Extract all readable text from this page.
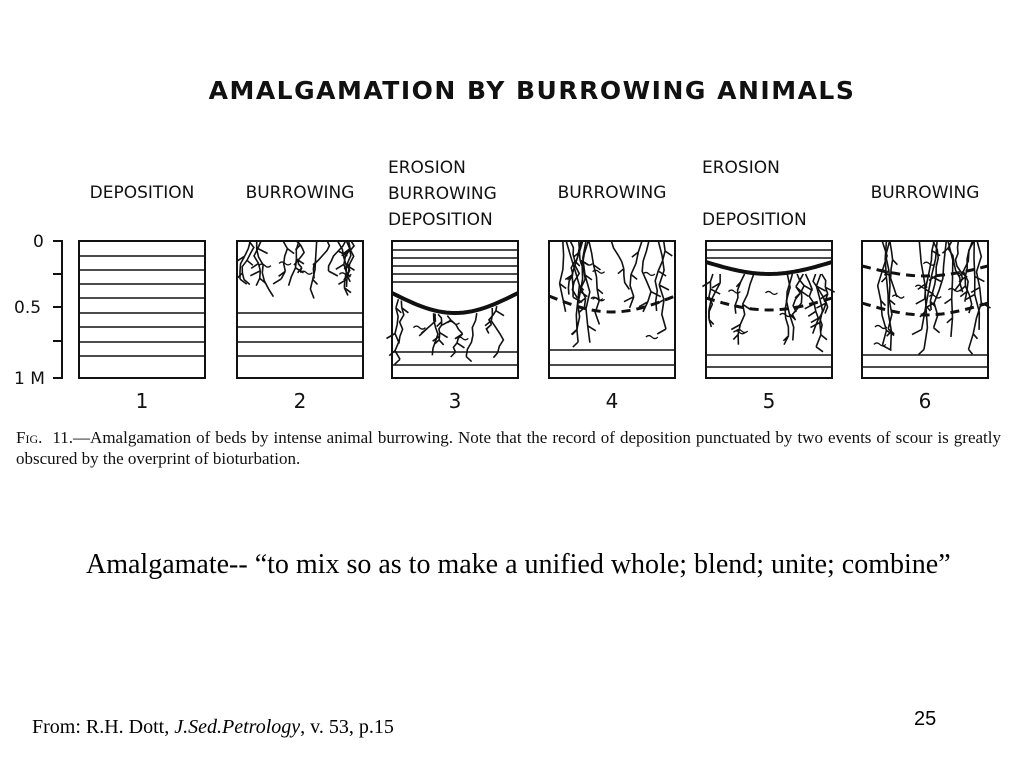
AMALGAMATION BY BURROWING ANIMALS
0
0.5
1 M
DEPOSITION
1
BURROWING
2
EROSION
BURROWING
DEPOSITION
3
BURROWING
4
EROSION
DEPOSITION
5
BURROWING
6
Fig. 11.—Amalgamation of beds by intense animal burrowing. Note that the record of deposition punctuated by two events of scour is greatly obscured by the overprint of bioturbation.
Amalgamate-- “to mix so as to make a unified whole; blend; unite; combine”
From: R.H. Dott, J.Sed.Petrology, v. 53, p.15	25
